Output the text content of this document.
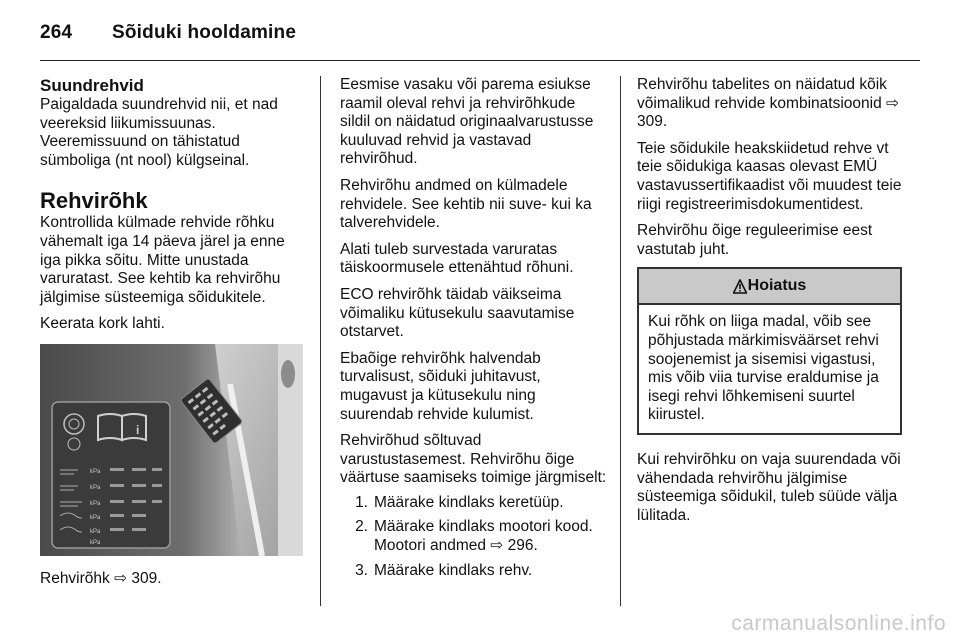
264 Sõiduki hooldamine
Suundrehvid

Paigaldada suundrehvid nii, et nad veereksid liikumissuunas. Veeremissuund on tähistatud sümboliga (nt nool) külgseinal.

Rehvirõhk

Kontrollida külmade rehvide rõhku vähemalt iga 14 päeva järel ja enne iga pikka sõitu. Mitte unustada varuratast. See kehtib ka rehvirõhu jälgimise süsteemiga sõidukitele.

Keerata kork lahti.

i
kPa
kPa
kPa
kPa
kPa
kPa

Rehvirõhk ⇨ 309.

Eesmise vasaku või parema esiukse raamil oleval rehvi ja rehvirõhkude sildil on näidatud originaalvarustusse kuuluvad rehvid ja vastavad rehvirõhud.

Rehvirõhu andmed on külmadele rehvidele. See kehtib nii suve- kui ka talverehvidele.

Alati tuleb survestada varuratas täiskoormusele ettenähtud rõhuni.

ECO rehvirõhk täidab väikseima võimaliku kütusekulu saavutamise otstarvet.

Ebaõige rehvirõhk halvendab turvalisust, sõiduki juhitavust, mugavust ja kütusekulu ning suurendab rehvide kulumist.

Rehvirõhud sõltuvad varustustasemest. Rehvirõhu õige väärtuse saamiseks toimige järgmiselt:

1. Määrake kindlaks keretüüp.
2. Määrake kindlaks mootori kood. Mootori andmed ⇨ 296.
3. Määrake kindlaks rehv.

Rehvirõhu tabelites on näidatud kõik võimalikud rehvide kombinatsioonid ⇨ 309.

Teie sõidukile heakskiidetud rehve vt teie sõidukiga kaasas olevast EMÜ vastavussertifikaadist või muudest teie riigi registreerimisdokumentidest.

Rehvirõhu õige reguleerimise eest vastutab juht.

Hoiatus
Kui rõhk on liiga madal, võib see põhjustada märkimisväärset rehvi soojenemist ja sisemisi vigastusi, mis võib viia turvise eraldumise ja isegi rehvi lõhkemiseni suurtel kiirustel.

Kui rehvirõhku on vaja suurendada või vähendada rehvirõhu jälgimise süsteemiga sõidukil, tuleb süüde välja lülitada.

carmanualsonline.info
